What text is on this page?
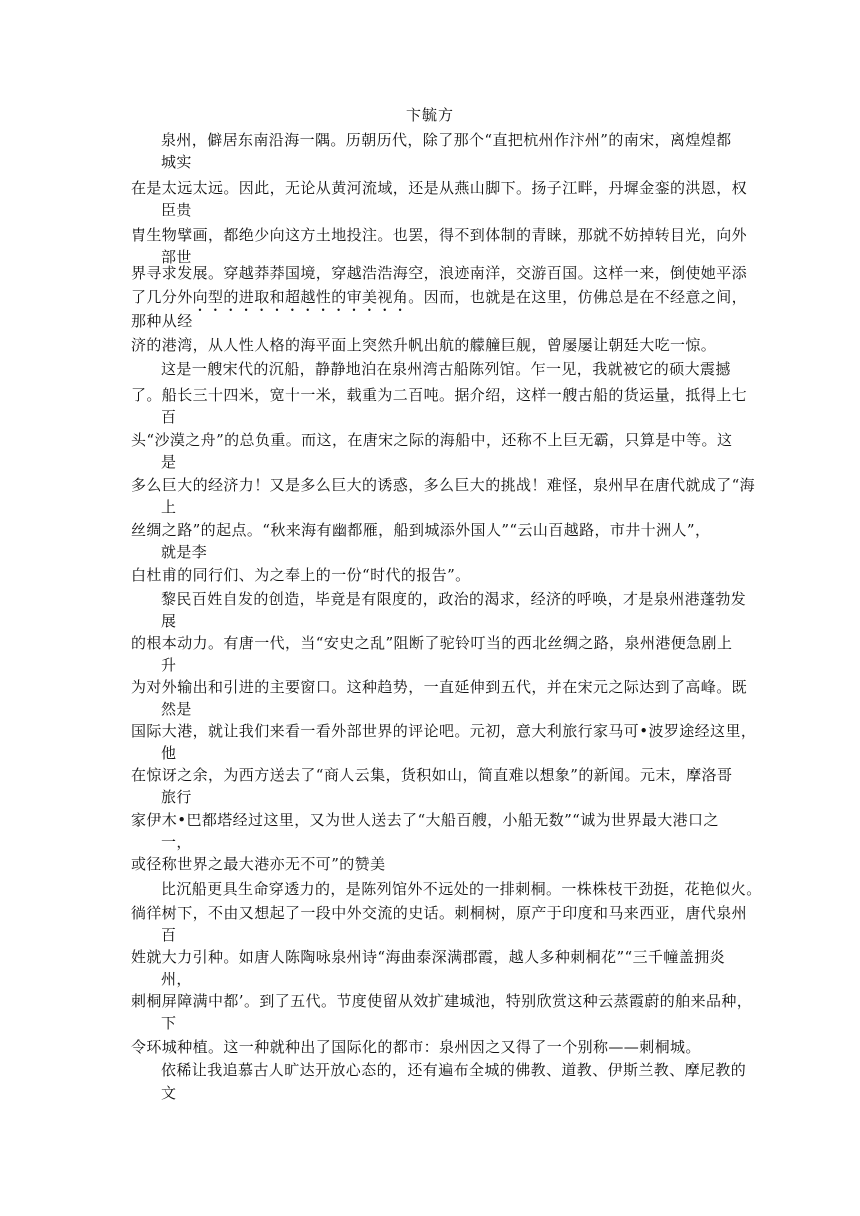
卞毓方
泉州，僻居东南沿海一隅。历朝历代，除了那个“直把杭州作汴州”的南宋，离煌煌都
城实
在是太远太远。因此，无论从黄河流域，还是从燕山脚下。扬子江畔，丹墀金銮的洪恩，权
臣贵
胄生物擘画，都绝少向这方土地投注。也罢，得不到体制的青睐，那就不妨掉转目光，向外
部世
界寻求发展。穿越莽莽国境，穿越浩浩海空，浪迹南洋，交游百国。这样一来，倒使她平添
了几分外向型的进取和超越性的审美视角。因而，也就是在这里，仿佛总是在不经意之间，
那种从经
济的港湾，从人性人格的海平面上突然升帆出航的艨艟巨舰，曾屡屡让朝廷大吃一惊。
这是一艘宋代的沉船，静静地泊在泉州湾古船陈列馆。乍一见，我就被它的硕大震撼
了。船长三十四米，宽十一米，载重为二百吨。据介绍，这样一艘古船的货运量，抵得上七
百
头“沙漠之舟”的总负重。而这，在唐宋之际的海船中，还称不上巨无霸，只算是中等。这
是
多么巨大的经济力！又是多么巨大的诱惑，多么巨大的挑战！难怪，泉州早在唐代就成了“海
上
丝绸之路”的起点。“秋来海有幽都雁，船到城添外国人”“云山百越路，市井十洲人”，
就是李
白杜甫的同行们、为之奉上的一份“时代的报告”。
黎民百姓自发的创造，毕竟是有限度的，政治的渴求，经济的呼唤，才是泉州港蓬勃发
展
的根本动力。有唐一代，当“安史之乱”阻断了驼铃叮当的西北丝绸之路，泉州港便急剧上
升
为对外输出和引进的主要窗口。这种趋势，一直延伸到五代，并在宋元之际达到了高峰。既
然是
国际大港，就让我们来看一看外部世界的评论吧。元初，意大利旅行家马可•波罗途经这里，
他
在惊讶之余，为西方送去了“商人云集，货积如山，简直难以想象”的新闻。元末，摩洛哥
旅行
家伊木•巴都塔经过这里，又为世人送去了“大船百艘，小船无数”“诚为世界最大港口之
一，
或径称世界之最大港亦无不可”的赞美
比沉船更具生命穿透力的，是陈列馆外不远处的一排刺桐。一株株枝干劲挺，花艳似火。
徜徉树下，不由又想起了一段中外交流的史话。刺桐树，原产于印度和马来西亚，唐代泉州
百
姓就大力引种。如唐人陈陶咏泉州诗“海曲泰深满郡霞，越人多种刺桐花”“三千幢盖拥炎
州，
刺桐屏障满中都’。到了五代。节度使留从效扩建城池，特别欣赏这种云蒸霞蔚的舶来品种，
下
令环城种植。这一种就种出了国际化的都市：泉州因之又得了一个别称——刺桐城。
依稀让我追慕古人旷达开放心态的，还有遍布全城的佛教、道教、伊斯兰教、摩尼教的
文
